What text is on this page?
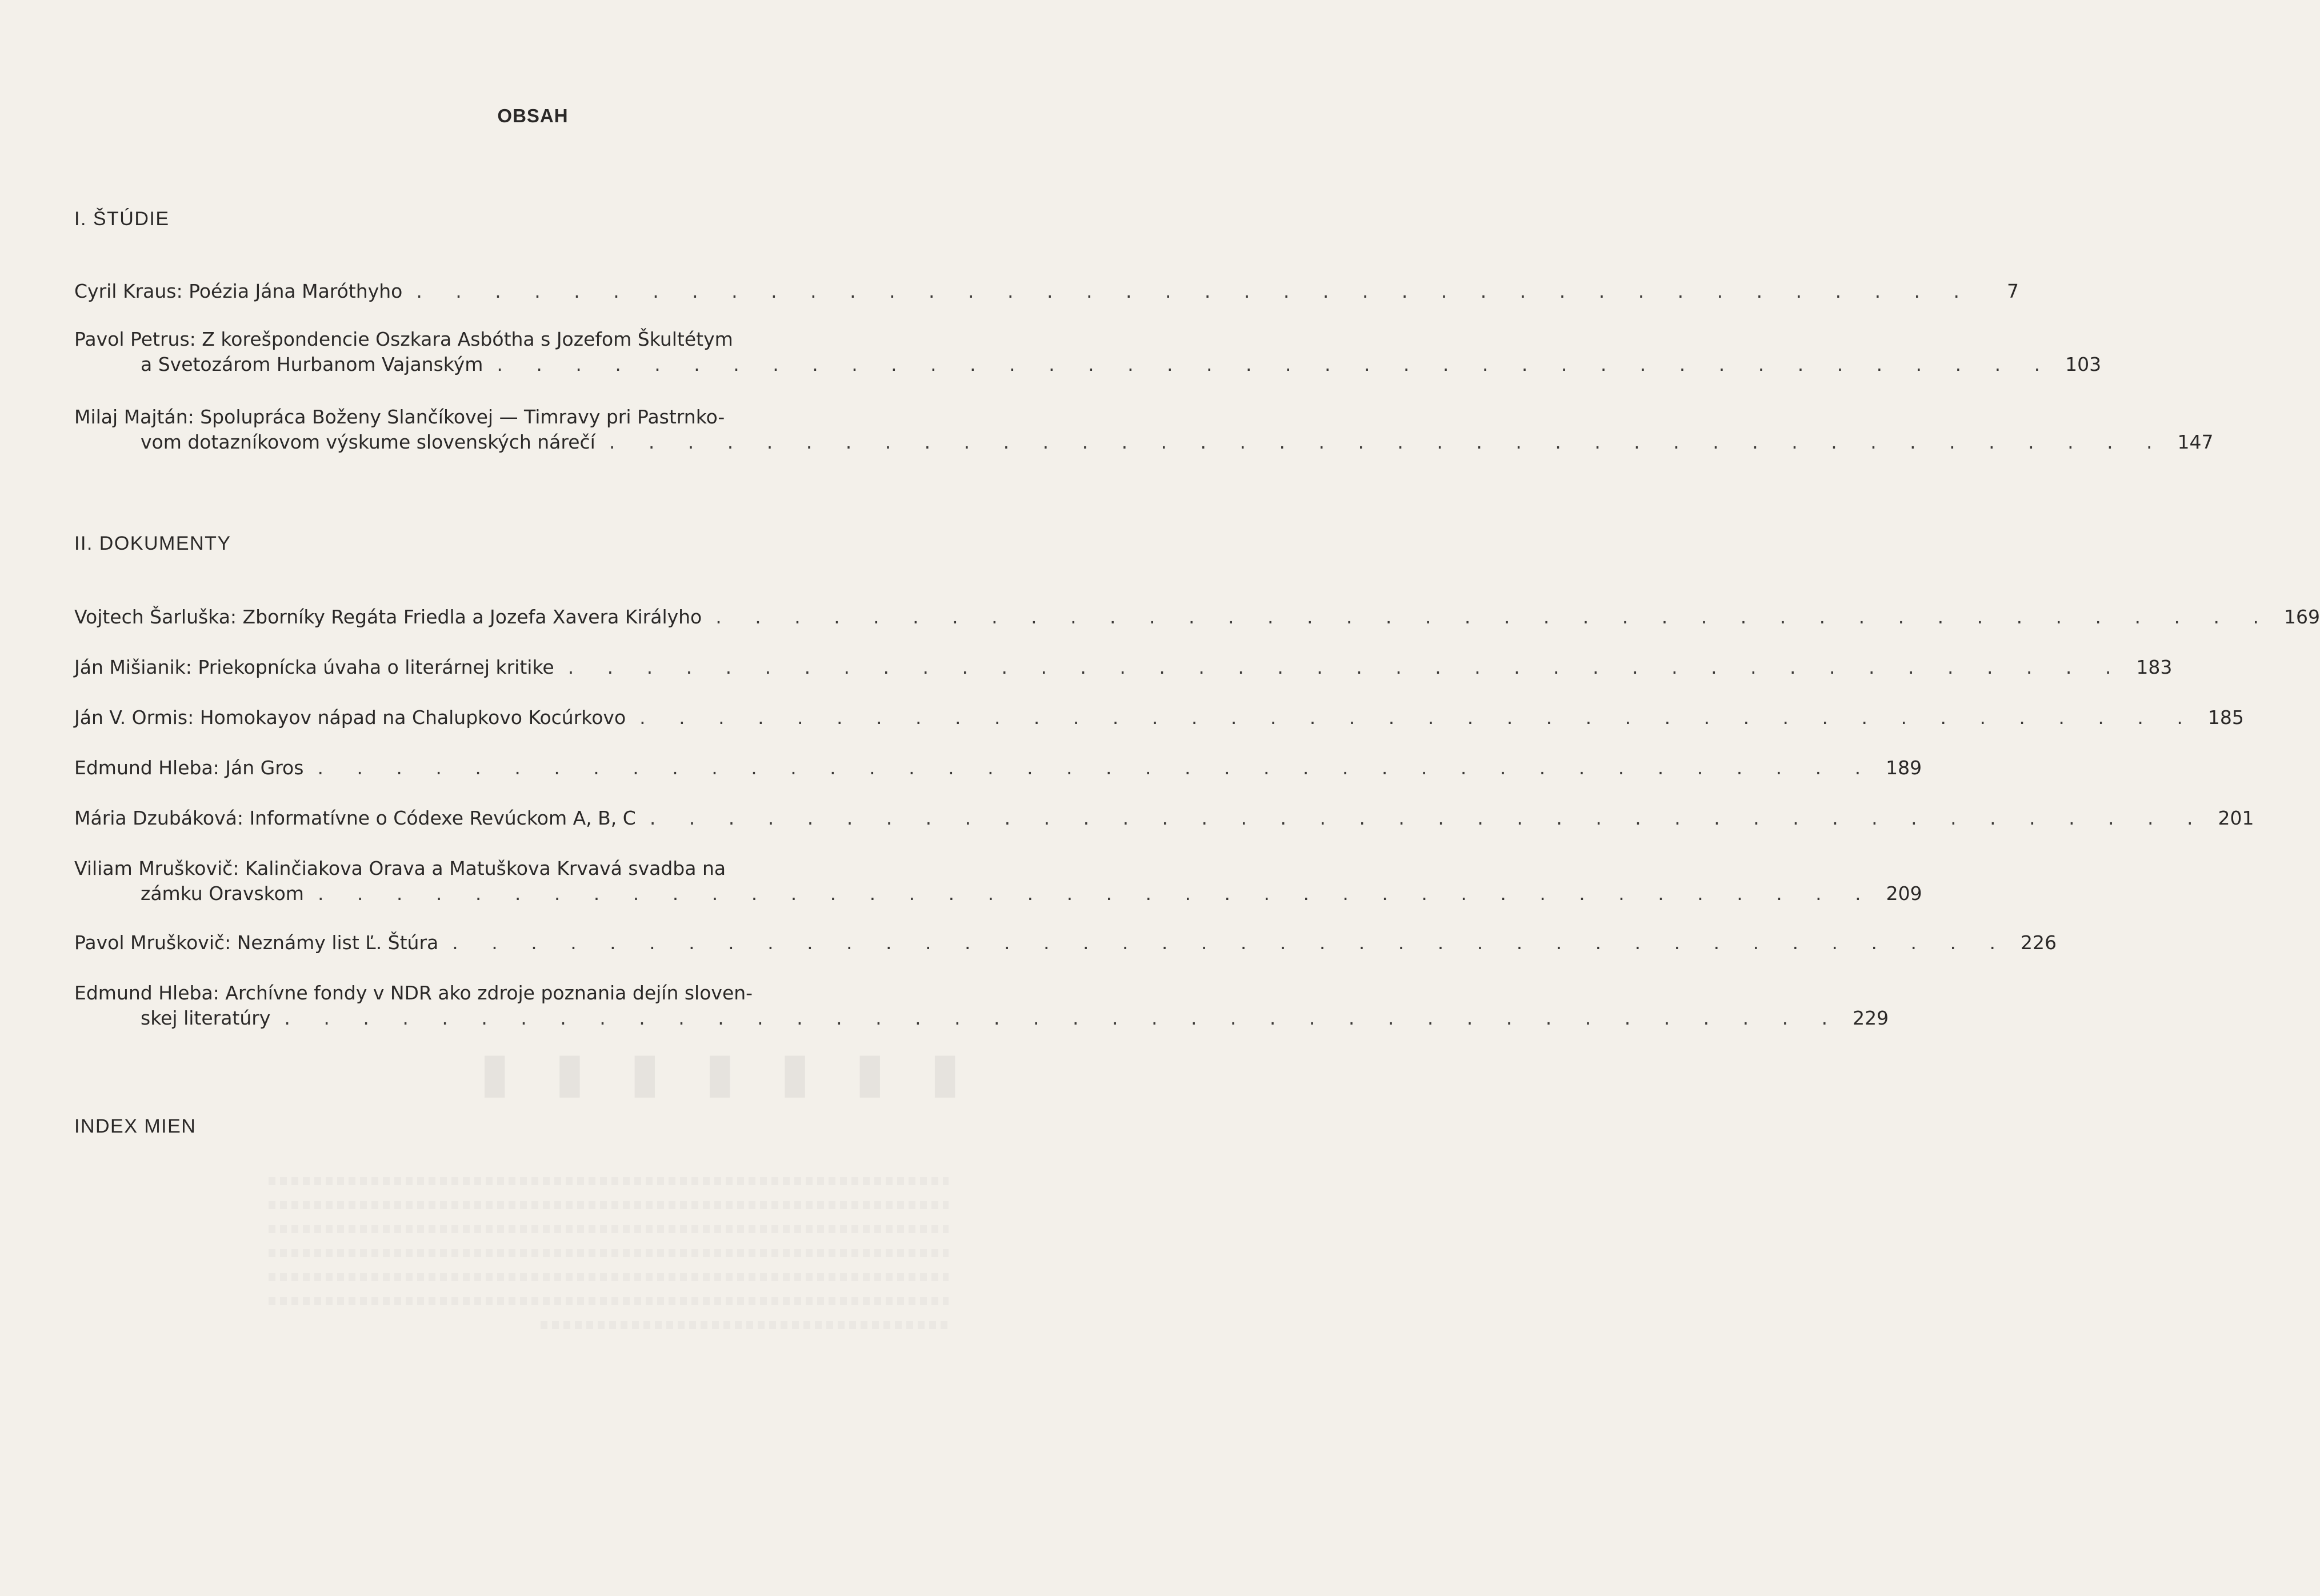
OBSAH
I. ŠTÚDIE
Cyril Kraus: Poézia Jána Maróthyho . . . . . . . . . . . . . . . . . . . . . . . . . . . . . . . . . . . . . . . .	7
Pavol Petrus: Z korešpondencie Oszkara Asbótha s Jozefom Škultétym
a Svetozárom Hurbanom Vajanským . . . . . . . . . . . . . . . . . . . . . . . . . . . . . . . . . . . . . . . . 103
Milaj Majtán: Spolupráca Boženy Slančíkovej — Timravy pri Pastrnko-
vom dotazníkovom výskume slovenských nárečí . . . . . . . . . . . . . . . . . . . . . . . . . . . . . . . . . . . . . . . . 147
II. DOKUMENTY
Vojtech Šarluška: Zborníky Regáta Friedla a Jozefa Xavera Királyho . . . . . . . . . . . . . . . . . . . . . . . . . . . . . . . . . . . . . . . . 169
Ján Mišianik: Priekopnícka úvaha o literárnej kritike . . . . . . . . . . . . . . . . . . . . . . . . . . . . . . . . . . . . . . . . 183
Ján V. Ormis: Homokayov nápad na Chalupkovo Kocúrkovo . . . . . . . . . . . . . . . . . . . . . . . . . . . . . . . . . . . . . . . . 185
Edmund Hleba: Ján Gros . . . . . . . . . . . . . . . . . . . . . . . . . . . . . . . . . . . . . . . . 189
Mária Dzubáková: Informatívne o Códexe Revúckom A, B, C . . . . . . . . . . . . . . . . . . . . . . . . . . . . . . . . . . . . . . . . 201
Viliam Mruškovič: Kalinčiakova Orava a Matuškova Krvavá svadba na
zámku Oravskom . . . . . . . . . . . . . . . . . . . . . . . . . . . . . . . . . . . . . . . . 209
Pavol Mruškovič: Neznámy list Ľ. Štúra . . . . . . . . . . . . . . . . . . . . . . . . . . . . . . . . . . . . . . . . 226
Edmund Hleba: Archívne fondy v NDR ako zdroje poznania dejín sloven-
skej literatúry . . . . . . . . . . . . . . . . . . . . . . . . . . . . . . . . . . . . . . . . 229
▮ ▮ ▮ ▮ ▮ ▮ ▮
INDEX MIEN
